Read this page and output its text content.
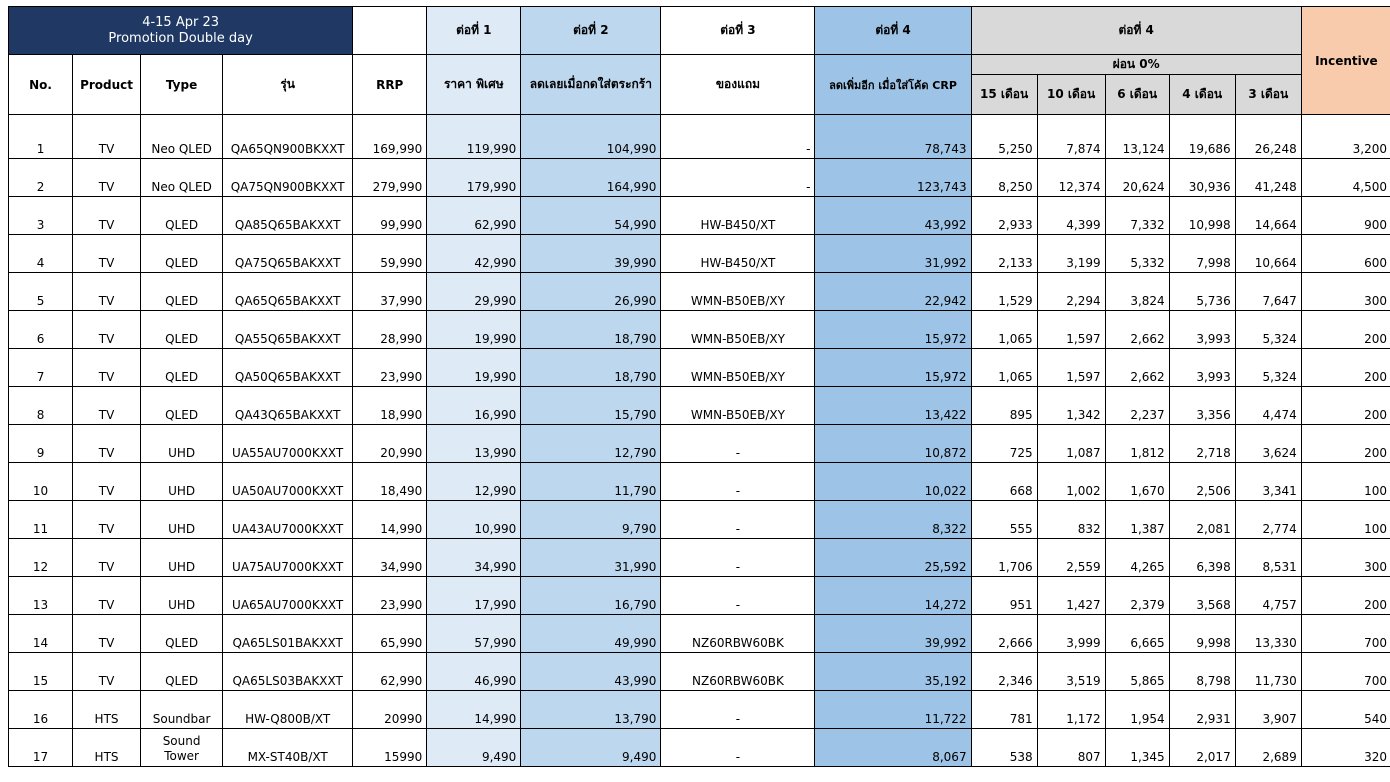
4-15 Apr 23
Promotion Double day					ต่อที่ 1	ต่อที่ 2	ต่อที่ 3	ต่อที่ 4	ต่อที่ 4					Incentive
No.	Product	Type	รุ่น	RRP	ราคา พิเศษ	ลดเลยเมื่อกดใส่ตระกร้า	ของแถม	ลดเพิ่มอีก เมื่อใส่โค้ด CRP	ผ่อน 0%					
									15 เดือน	10 เดือน	6 เดือน	4 เดือน	3 เดือน	
1	TV	Neo QLED	QA65QN900BKXXT	169,990	119,990	104,990	-	78,743	5,250	7,874	13,124	19,686	26,248	3,200
2	TV	Neo QLED	QA75QN900BKXXT	279,990	179,990	164,990	-	123,743	8,250	12,374	20,624	30,936	41,248	4,500
3	TV	QLED	QA85Q65BAKXXT	99,990	62,990	54,990	HW-B450/XT	43,992	2,933	4,399	7,332	10,998	14,664	900
4	TV	QLED	QA75Q65BAKXXT	59,990	42,990	39,990	HW-B450/XT	31,992	2,133	3,199	5,332	7,998	10,664	600
5	TV	QLED	QA65Q65BAKXXT	37,990	29,990	26,990	WMN-B50EB/XY	22,942	1,529	2,294	3,824	5,736	7,647	300
6	TV	QLED	QA55Q65BAKXXT	28,990	19,990	18,790	WMN-B50EB/XY	15,972	1,065	1,597	2,662	3,993	5,324	200
7	TV	QLED	QA50Q65BAKXXT	23,990	19,990	18,790	WMN-B50EB/XY	15,972	1,065	1,597	2,662	3,993	5,324	200
8	TV	QLED	QA43Q65BAKXXT	18,990	16,990	15,790	WMN-B50EB/XY	13,422	895	1,342	2,237	3,356	4,474	200
9	TV	UHD	UA55AU7000KXXT	20,990	13,990	12,790	-	10,872	725	1,087	1,812	2,718	3,624	200
10	TV	UHD	UA50AU7000KXXT	18,490	12,990	11,790	-	10,022	668	1,002	1,670	2,506	3,341	100
11	TV	UHD	UA43AU7000KXXT	14,990	10,990	9,790	-	8,322	555	832	1,387	2,081	2,774	100
12	TV	UHD	UA75AU7000KXXT	34,990	34,990	31,990	-	25,592	1,706	2,559	4,265	6,398	8,531	300
13	TV	UHD	UA65AU7000KXXT	23,990	17,990	16,790	-	14,272	951	1,427	2,379	3,568	4,757	200
14	TV	QLED	QA65LS01BAKXXT	65,990	57,990	49,990	NZ60RBW60BK	39,992	2,666	3,999	6,665	9,998	13,330	700
15	TV	QLED	QA65LS03BAKXXT	62,990	46,990	43,990	NZ60RBW60BK	35,192	2,346	3,519	5,865	8,798	11,730	700
16	HTS	Soundbar	HW-Q800B/XT	20990	14,990	13,790	-	11,722	781	1,172	1,954	2,931	3,907	540
17	HTS	Sound Tower	MX-ST40B/XT	15990	9,490	9,490	-	8,067	538	807	1,345	2,017	2,689	320
